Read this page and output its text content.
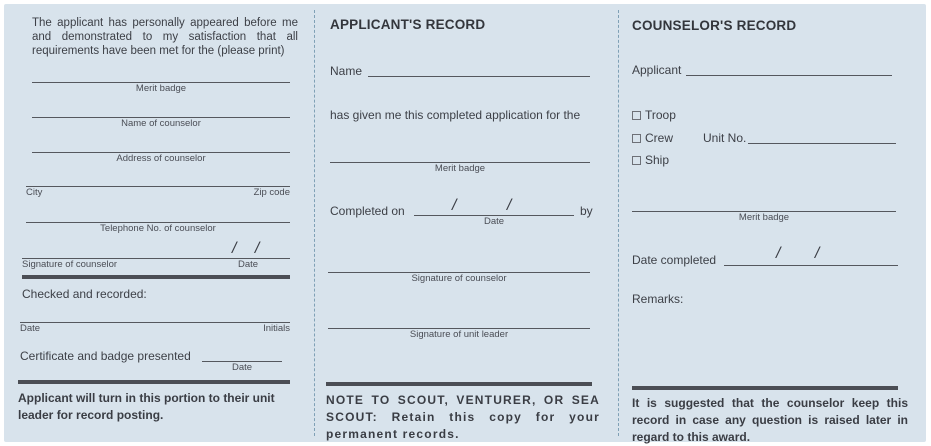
The applicant has personally appeared before me and demonstrated to my satisfaction that all requirements have been met for the (please print)
Merit badge
Name of counselor
Address of counselor
City	Zip code
Telephone No. of counselor
/ /
Signature of counselor	Date
Checked and recorded:
Date	Initials
Certificate and badge presented
Date
Applicant will turn in this portion to their unit leader for record posting.
APPLICANT'S RECORD
Name
has given me this completed application for the
Merit badge
Completed on	/ /
Date
by
Signature of counselor
Signature of unit leader
NOTE TO SCOUT, VENTURER, OR SEA SCOUT: Retain this copy for your permanent records.
COUNSELOR'S RECORD
Applicant
Troop
Crew Unit No.
Ship
Merit badge
Date completed	/ /
Remarks:
It is suggested that the counselor keep this record in case any question is raised later in regard to this award.
